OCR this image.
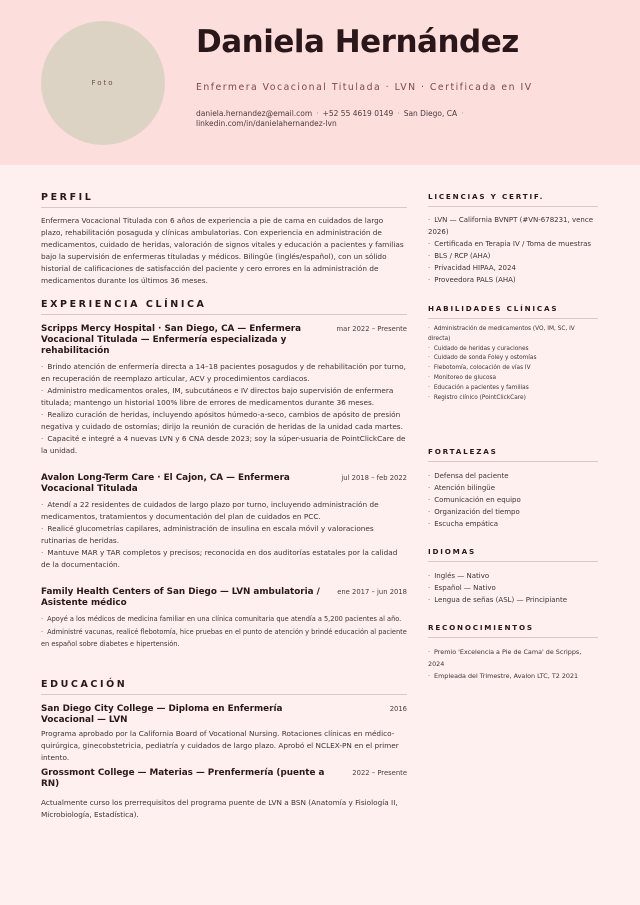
Foto
Daniela Hernández
Enfermera Vocacional Titulada · LVN · Certificada en IV
daniela.hernandez@email.com · +52 55 4619 0149 · San Diego, CA ·
linkedin.com/in/danielahernandez-lvn
PERFIL

Enfermera Vocacional Titulada con 6 años de experiencia a pie de cama en cuidados de largo plazo, rehabilitación posaguda y clínicas ambulatorias. Con experiencia en administración de medicamentos, cuidado de heridas, valoración de signos vitales y educación a pacientes y familias bajo la supervisión de enfermeras tituladas y médicos. Bilingüe (inglés/español), con un sólido historial de calificaciones de satisfacción del paciente y cero errores en la administración de medicamentos durante los últimos 36 meses.

EXPERIENCIA CLÍNICA
Scripps Mercy Hospital · San Diego, CA — Enfermera Vocacional Titulada — Enfermería especializada y rehabilitación
mar 2022 – Presente
· Brindo atención de enfermería directa a 14–18 pacientes posagudos y de rehabilitación por turno, en recuperación de reemplazo articular, ACV y procedimientos cardiacos.
· Administro medicamentos orales, IM, subcutáneos e IV directos bajo supervisión de enfermera titulada; mantengo un historial 100% libre de errores de medicamentos durante 36 meses.
· Realizo curación de heridas, incluyendo apósitos húmedo-a-seco, cambios de apósito de presión negativa y cuidado de ostomías; dirijo la reunión de curación de heridas de la unidad cada martes.
· Capacité e integré a 4 nuevas LVN y 6 CNA desde 2023; soy la súper-usuaria de PointClickCare de la unidad.
Avalon Long-Term Care · El Cajon, CA — Enfermera Vocacional Titulada
jul 2018 – feb 2022
· Atendí a 22 residentes de cuidados de largo plazo por turno, incluyendo administración de medicamentos, tratamientos y documentación del plan de cuidados en PCC.
· Realicé glucometrías capilares, administración de insulina en escala móvil y valoraciones rutinarias de heridas.
· Mantuve MAR y TAR completos y precisos; reconocida en dos auditorías estatales por la calidad de la documentación.
Family Health Centers of San Diego — LVN ambulatoria / Asistente médico
ene 2017 – jun 2018
· Apoyé a los médicos de medicina familiar en una clínica comunitaria que atendía a 5,200 pacientes al año.
· Administré vacunas, realicé flebotomía, hice pruebas en el punto de atención y brindé educación al paciente en español sobre diabetes e hipertensión.
EDUCACIÓN
San Diego City College — Diploma en Enfermería Vocacional — LVN
2016

Programa aprobado por la California Board of Vocational Nursing. Rotaciones clínicas en médico-quirúrgica, ginecobstetricia, pediatría y cuidados de largo plazo. Aprobó el NCLEX-PN en el primer intento.

Grossmont College — Materias — Prenfermería (puente a RN)
2022 – Presente

Actualmente curso los prerrequisitos del programa puente de LVN a BSN (Anatomía y Fisiología II, Microbiología, Estadística).

LICENCIAS Y CERTIF.
· LVN — California BVNPT (#VN-678231, vence 2026)
· Certificada en Terapia IV / Toma de muestras
· BLS / RCP (AHA)
· Privacidad HIPAA, 2024
· Proveedora PALS (AHA)
HABILIDADES CLÍNICAS
· Administración de medicamentos (VO, IM, SC, IV directa)
· Cuidado de heridas y curaciones
· Cuidado de sonda Foley y ostomías
· Flebotomía, colocación de vías IV
· Monitoreo de glucosa
· Educación a pacientes y familias
· Registro clínico (PointClickCare)
FORTALEZAS
· Defensa del paciente
· Atención bilingüe
· Comunicación en equipo
· Organización del tiempo
· Escucha empática
IDIOMAS
· Inglés — Nativo
· Español — Nativo
· Lengua de señas (ASL) — Principiante
RECONOCIMIENTOS
· Premio 'Excelencia a Pie de Cama' de Scripps, 2024
· Empleada del Trimestre, Avalon LTC, T2 2021
